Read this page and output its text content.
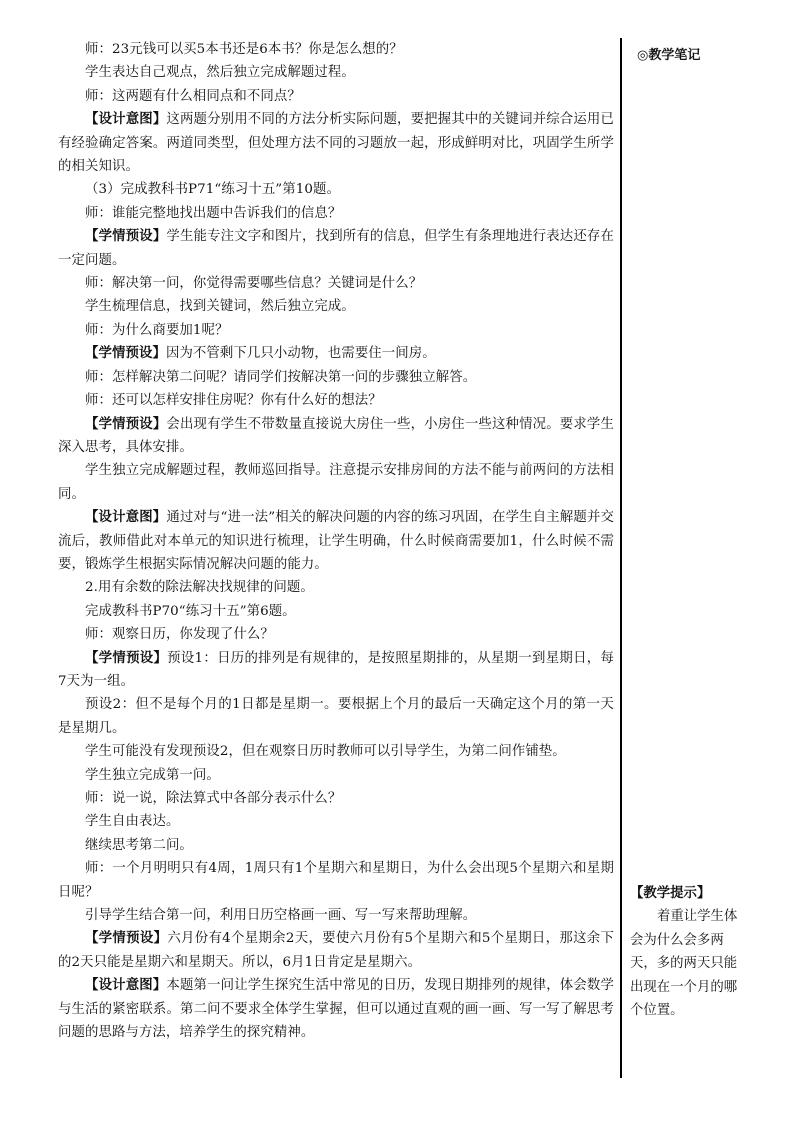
师：23元钱可以买5本书还是6本书？你是怎么想的？

学生表达自己观点，然后独立完成解题过程。

师：这两题有什么相同点和不同点？

【设计意图】这两题分别用不同的方法分析实际问题，要把握其中的关键词并综合运用已有经验确定答案。两道同类型，但处理方法不同的习题放一起，形成鲜明对比，巩固学生所学的相关知识。

（3）完成教科书P71“练习十五”第10题。

师：谁能完整地找出题中告诉我们的信息？

【学情预设】学生能专注文字和图片，找到所有的信息，但学生有条理地进行表达还存在一定问题。

师：解决第一问，你觉得需要哪些信息？关键词是什么？

学生梳理信息，找到关键词，然后独立完成。

师：为什么商要加1呢？

【学情预设】因为不管剩下几只小动物，也需要住一间房。

师：怎样解决第二问呢？请同学们按解决第一问的步骤独立解答。

师：还可以怎样安排住房呢？你有什么好的想法？

【学情预设】会出现有学生不带数量直接说大房住一些，小房住一些这种情况。要求学生深入思考，具体安排。

学生独立完成解题过程，教师巡回指导。注意提示安排房间的方法不能与前两问的方法相同。

【设计意图】通过对与“进一法”相关的解决问题的内容的练习巩固，在学生自主解题并交流后，教师借此对本单元的知识进行梳理，让学生明确，什么时候商需要加1，什么时候不需要，锻炼学生根据实际情况解决问题的能力。

2.用有余数的除法解决找规律的问题。

完成教科书P70“练习十五”第6题。

师：观察日历，你发现了什么？

【学情预设】预设1：日历的排列是有规律的，是按照星期排的，从星期一到星期日，每7天为一组。

预设2：但不是每个月的1日都是星期一。要根据上个月的最后一天确定这个月的第一天是星期几。

学生可能没有发现预设2，但在观察日历时教师可以引导学生，为第二问作铺垫。

学生独立完成第一问。

师：说一说，除法算式中各部分表示什么？

学生自由表达。

继续思考第二问。

师：一个月明明只有4周，1周只有1个星期六和星期日，为什么会出现5个星期六和星期日呢？

引导学生结合第一问，利用日历空格画一画、写一写来帮助理解。

【学情预设】六月份有4个星期余2天，要使六月份有5个星期六和5个星期日，那这余下的2天只能是星期六和星期天。所以，6月1日肯定是星期六。

【设计意图】本题第一问让学生探究生活中常见的日历，发现日期排列的规律，体会数学与生活的紧密联系。第二问不要求全体学生掌握，但可以通过直观的画一画、写一写了解思考问题的思路与方法，培养学生的探究精神。

◎教学笔记

【教学提示】

着重让学生体会为什么会多两天，多的两天只能出现在一个月的哪个位置。
